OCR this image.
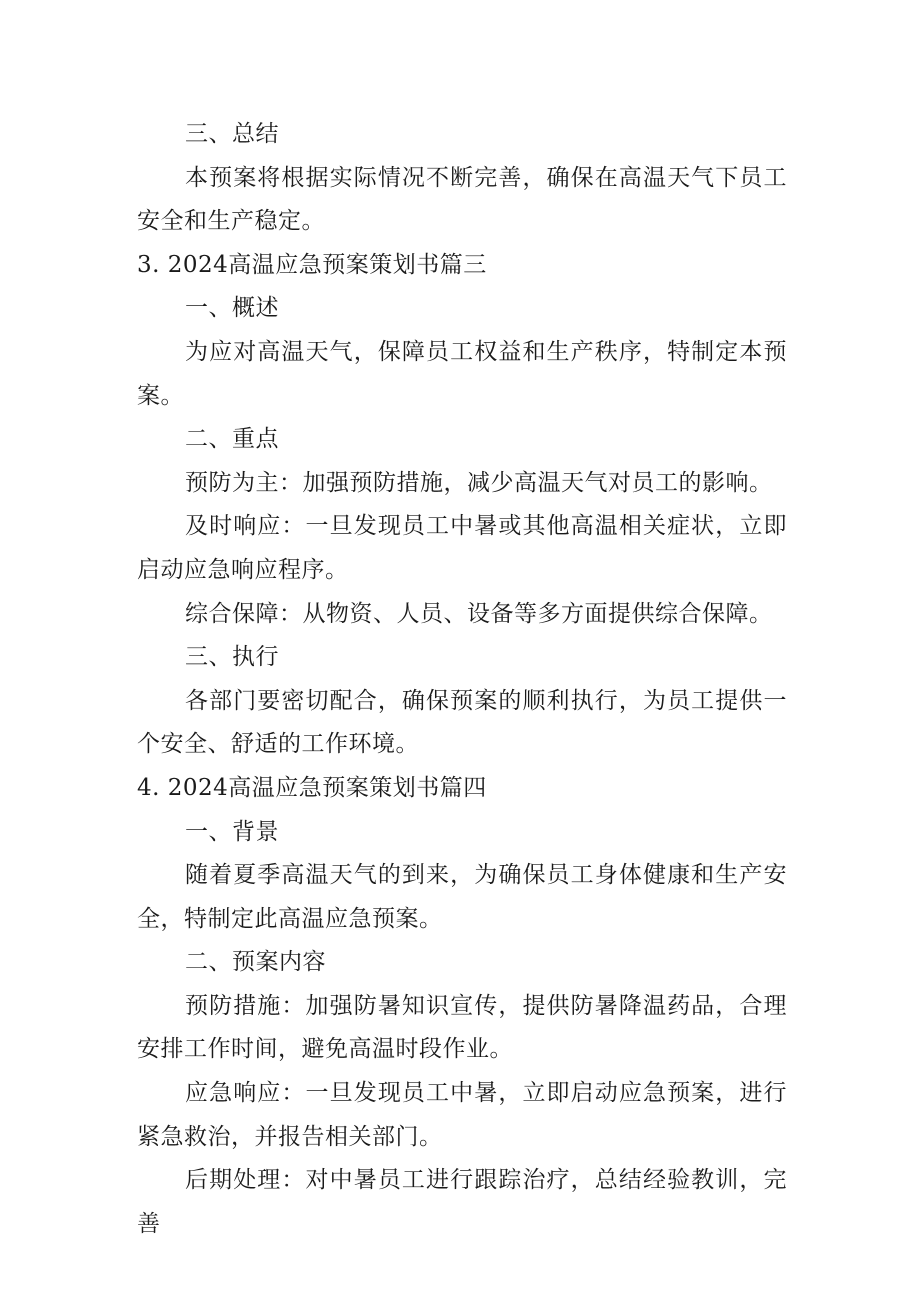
三、总结

本预案将根据实际情况不断完善，确保在高温天气下员工安全和生产稳定。

3. 2024高温应急预案策划书篇三

一、概述

为应对高温天气，保障员工权益和生产秩序，特制定本预案。

二、重点

预防为主：加强预防措施，减少高温天气对员工的影响。

及时响应：一旦发现员工中暑或其他高温相关症状，立即启动应急响应程序。

综合保障：从物资、人员、设备等多方面提供综合保障。

三、执行

各部门要密切配合，确保预案的顺利执行，为员工提供一个安全、舒适的工作环境。

4. 2024高温应急预案策划书篇四

一、背景

随着夏季高温天气的到来，为确保员工身体健康和生产安全，特制定此高温应急预案。

二、预案内容

预防措施：加强防暑知识宣传，提供防暑降温药品，合理安排工作时间，避免高温时段作业。

应急响应：一旦发现员工中暑，立即启动应急预案，进行紧急救治，并报告相关部门。

后期处理：对中暑员工进行跟踪治疗，总结经验教训，完善
